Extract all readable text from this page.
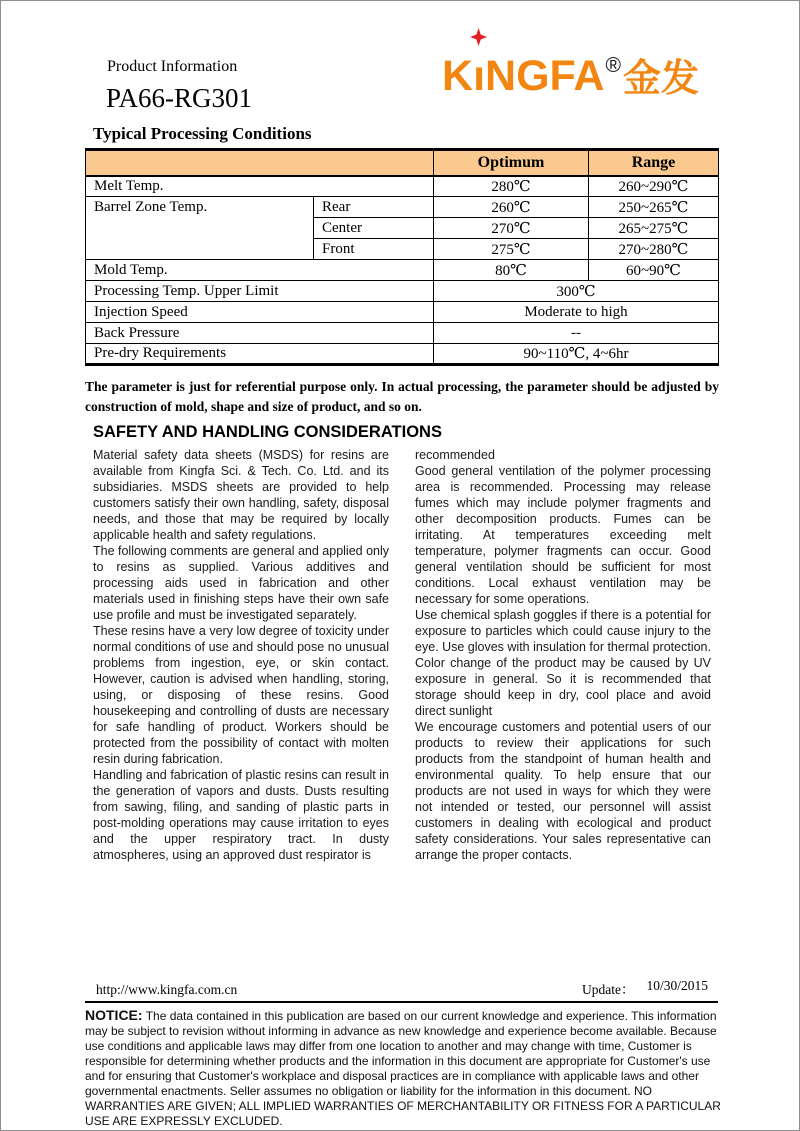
Product Information
PA66-RG301	K ı NGFA ® 金发
Typical Processing Conditions
		Optimum	Range
Melt Temp.		280℃	260~290℃
Barrel Zone Temp.	Rear	260℃	250~265℃
	Center	270℃	265~275℃
	Front	275℃	270~280℃
Mold Temp.		80℃	60~90℃
Processing Temp. Upper Limit		300℃	
Injection Speed		Moderate to high	
Back Pressure		--	
Pre-dry Requirements		90~110℃, 4~6hr	
The parameter is just for referential purpose only. In actual processing, the parameter should be adjusted by construction of mold, shape and size of product, and so on.
SAFETY AND HANDLING CONSIDERATIONS

Material safety data sheets (MSDS) for resins are available from Kingfa Sci. & Tech. Co. Ltd. and its subsidiaries. MSDS sheets are provided to help customers satisfy their own handling, safety, disposal needs, and those that may be required by locally applicable health and safety regulations.

The following comments are general and applied only to resins as supplied. Various additives and processing aids used in fabrication and other materials used in finishing steps have their own safe use profile and must be investigated separately.

These resins have a very low degree of toxicity under normal conditions of use and should pose no unusual problems from ingestion, eye, or skin contact. However, caution is advised when handling, storing, using, or disposing of these resins. Good housekeeping and controlling of dusts are necessary for safe handling of product. Workers should be protected from the possibility of contact with molten resin during fabrication.

Handling and fabrication of plastic resins can result in the generation of vapors and dusts. Dusts resulting from sawing, filing, and sanding of plastic parts in post-molding operations may cause irritation to eyes and the upper respiratory tract. In dusty atmospheres, using an approved dust respirator is

recommended

Good general ventilation of the polymer processing area is recommended. Processing may release fumes which may include polymer fragments and other decomposition products. Fumes can be irritating. At temperatures exceeding melt temperature, polymer fragments can occur. Good general ventilation should be sufficient for most conditions. Local exhaust ventilation may be necessary for some operations.

Use chemical splash goggles if there is a potential for exposure to particles which could cause injury to the eye. Use gloves with insulation for thermal protection.

Color change of the product may be caused by UV exposure in general. So it is recommended that storage should keep in dry, cool place and avoid direct sunlight

We encourage customers and potential users of our products to review their applications for such products from the standpoint of human health and environmental quality. To help ensure that our products are not used in ways for which they were not intended or tested, our personnel will assist customers in dealing with ecological and product safety considerations. Your sales representative can arrange the proper contacts.

http://www.kingfa.com.cn	Update： 10/30/2015
NOTICE: The data contained in this publication are based on our current knowledge and experience. This information may be subject to revision without informing in advance as new knowledge and experience become available. Because use conditions and applicable laws may differ from one location to another and may change with time, Customer is responsible for determining whether products and the information in this document are appropriate for Customer's use and for ensuring that Customer's workplace and disposal practices are in compliance with applicable laws and other governmental enactments. Seller assumes no obligation or liability for the information in this document. NO WARRANTIES ARE GIVEN; ALL IMPLIED WARRANTIES OF MERCHANTABILITY OR FITNESS FOR A PARTICULAR USE ARE EXPRESSLY EXCLUDED.
